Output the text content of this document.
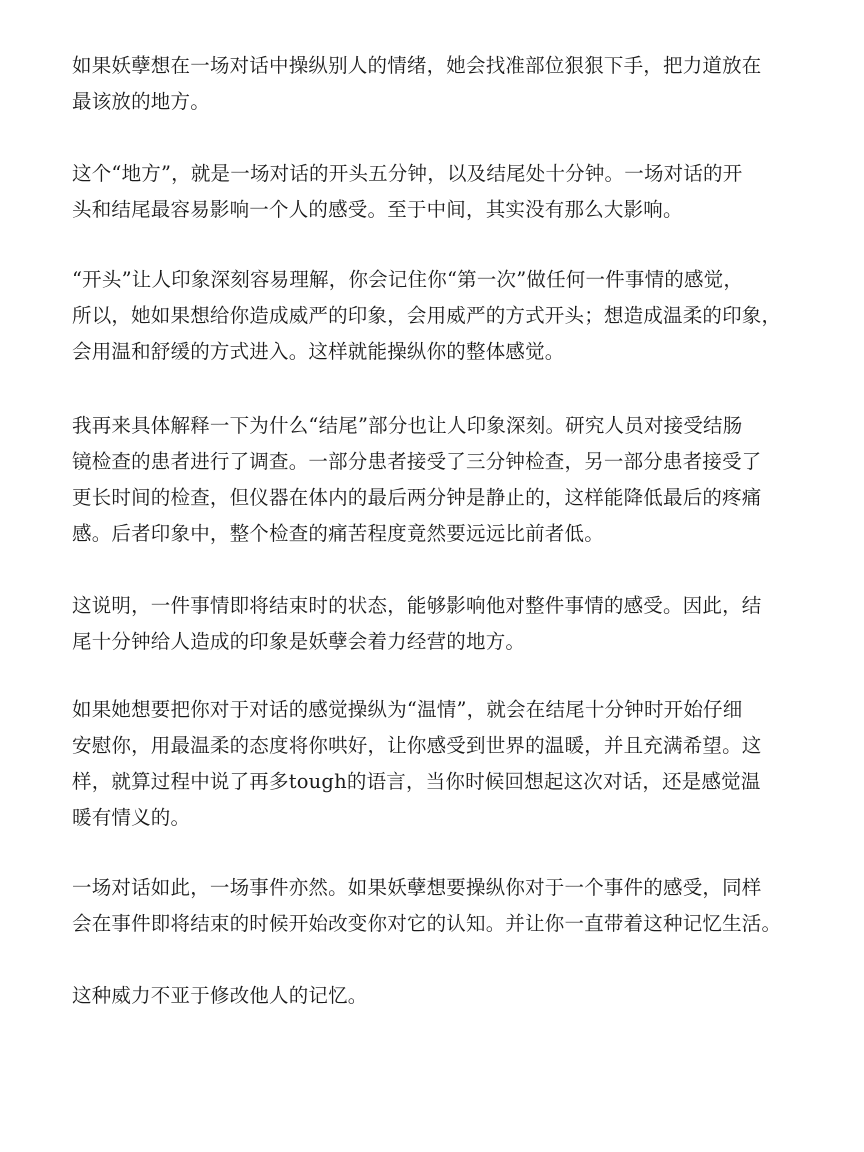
如果妖孽想在一场对话中操纵别人的情绪，她会找准部位狠狠下手，把力道放在
最该放的地方。

这个“地方”，就是一场对话的开头五分钟，以及结尾处十分钟。一场对话的开
头和结尾最容易影响一个人的感受。至于中间，其实没有那么大影响。

“开头”让人印象深刻容易理解，你会记住你“第一次”做任何一件事情的感觉，
所以，她如果想给你造成威严的印象，会用威严的方式开头；想造成温柔的印象，
会用温和舒缓的方式进入。这样就能操纵你的整体感觉。

我再来具体解释一下为什么“结尾”部分也让人印象深刻。研究人员对接受结肠
镜检查的患者进行了调查。一部分患者接受了三分钟检查，另一部分患者接受了
更长时间的检查，但仪器在体内的最后两分钟是静止的，这样能降低最后的疼痛
感。后者印象中，整个检查的痛苦程度竟然要远远比前者低。

这说明，一件事情即将结束时的状态，能够影响他对整件事情的感受。因此，结
尾十分钟给人造成的印象是妖孽会着力经营的地方。

如果她想要把你对于对话的感觉操纵为“温情”，就会在结尾十分钟时开始仔细
安慰你，用最温柔的态度将你哄好，让你感受到世界的温暖，并且充满希望。这
样，就算过程中说了再多tough的语言，当你时候回想起这次对话，还是感觉温
暖有情义的。

一场对话如此，一场事件亦然。如果妖孽想要操纵你对于一个事件的感受，同样
会在事件即将结束的时候开始改变你对它的认知。并让你一直带着这种记忆生活。

这种威力不亚于修改他人的记忆。
